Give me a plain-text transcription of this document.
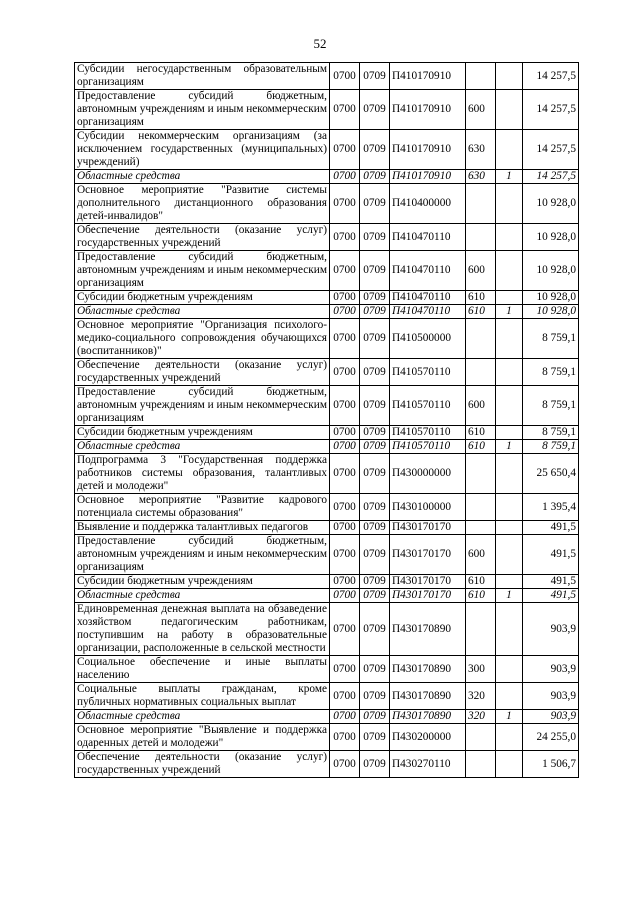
52
Субсидии негосударственным образовательным организациям	0700	0709	П410170910			14 257,5
Предоставление субсидий бюджетным, автономным учреждениям и иным некоммерческим организациям	0700	0709	П410170910	600		14 257,5
Субсидии некоммерческим организациям (за исключением государственных (муниципальных) учреждений)	0700	0709	П410170910	630		14 257,5
Областные средства	0700	0709	П410170910	630	1	14 257,5
Основное мероприятие "Развитие системы дополнительного дистанционного образования детей-инвалидов"	0700	0709	П410400000			10 928,0
Обеспечение деятельности (оказание услуг) государственных учреждений	0700	0709	П410470110			10 928,0
Предоставление субсидий бюджетным, автономным учреждениям и иным некоммерческим организациям	0700	0709	П410470110	600		10 928,0
Субсидии бюджетным учреждениям	0700	0709	П410470110	610		10 928,0
Областные средства	0700	0709	П410470110	610	1	10 928,0
Основное мероприятие "Организация психолого-медико-социального сопровождения обучающихся (воспитанников)"	0700	0709	П410500000			8 759,1
Обеспечение деятельности (оказание услуг) государственных учреждений	0700	0709	П410570110			8 759,1
Предоставление субсидий бюджетным, автономным учреждениям и иным некоммерческим организациям	0700	0709	П410570110	600		8 759,1
Субсидии бюджетным учреждениям	0700	0709	П410570110	610		8 759,1
Областные средства	0700	0709	П410570110	610	1	8 759,1
Подпрограмма 3 "Государственная поддержка работников системы образования, талантливых детей и молодежи"	0700	0709	П430000000			25 650,4
Основное мероприятие "Развитие кадрового потенциала системы образования"	0700	0709	П430100000			1 395,4
Выявление и поддержка талантливых педагогов	0700	0709	П430170170			491,5
Предоставление субсидий бюджетным, автономным учреждениям и иным некоммерческим организациям	0700	0709	П430170170	600		491,5
Субсидии бюджетным учреждениям	0700	0709	П430170170	610		491,5
Областные средства	0700	0709	П430170170	610	1	491,5
Единовременная денежная выплата на обзаведение хозяйством педагогическим работникам, поступившим на работу в образовательные организации, расположенные в сельской местности	0700	0709	П430170890			903,9
Социальное обеспечение и иные выплаты населению	0700	0709	П430170890	300		903,9
Социальные выплаты гражданам, кроме публичных нормативных социальных выплат	0700	0709	П430170890	320		903,9
Областные средства	0700	0709	П430170890	320	1	903,9
Основное мероприятие "Выявление и поддержка одаренных детей и молодежи"	0700	0709	П430200000			24 255,0
Обеспечение деятельности (оказание услуг) государственных учреждений	0700	0709	П430270110			1 506,7
